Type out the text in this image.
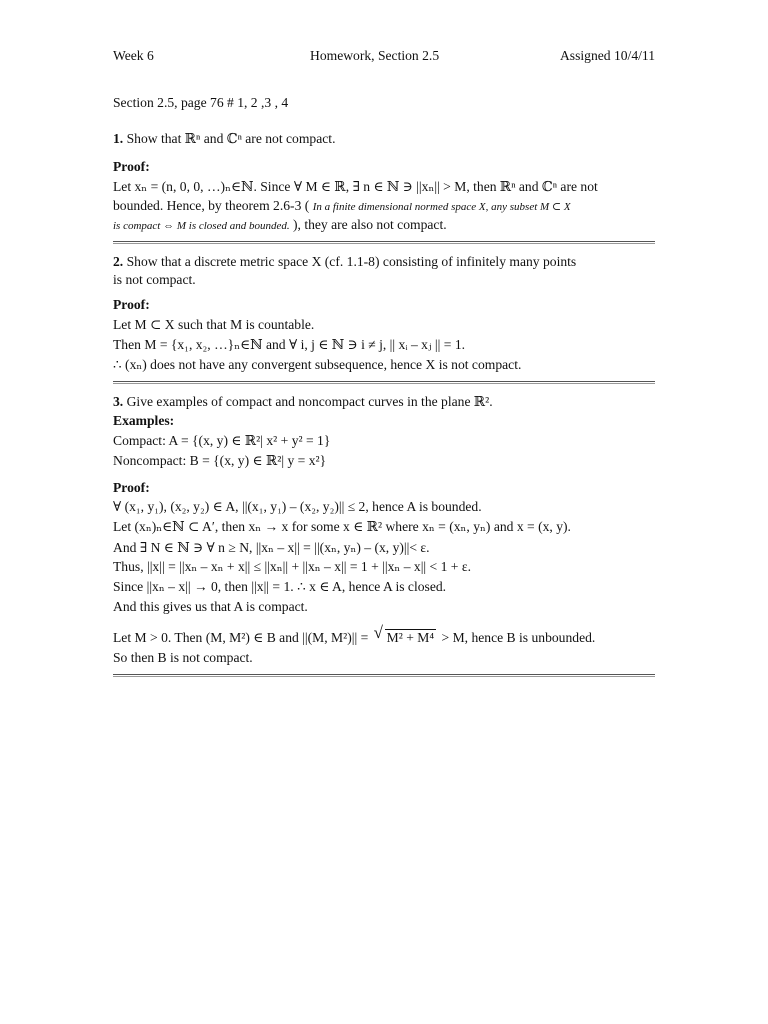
Week 6	Homework, Section 2.5	Assigned 10/4/11
Section 2.5, page 76 # 1, 2 ,3 , 4
1. Show that ℝⁿ and ℂⁿ are not compact.
Proof:
Let xₙ = (n, 0, 0, …)ₙ∈ℕ. Since ∀ M ∈ ℝ, ∃ n ∈ ℕ ∋ ||xₙ|| > M, then ℝⁿ and ℂⁿ are not
bounded. Hence, by theorem 2.6-3 ( In a finite dimensional normed space X, any subset M ⊂ X
is compact ⇔ M is closed and bounded. ), they are also not compact.
2. Show that a discrete metric space X (cf. 1.1-8) consisting of infinitely many points
is not compact.
Proof:
Let M ⊂ X such that M is countable.
Then M = {x₁, x₂, …}ₙ∈ℕ and ∀ i, j ∈ ℕ ∋ i ≠ j, || xᵢ – xⱼ || = 1.
∴ (xₙ) does not have any convergent subsequence, hence X is not compact.
3. Give examples of compact and noncompact curves in the plane ℝ².
Examples:
Compact: A = {(x, y) ∈ ℝ²| x² + y² = 1}
Noncompact: B = {(x, y) ∈ ℝ²| y = x²}
Proof:
∀ (x₁, y₁), (x₂, y₂) ∈ A, ||(x₁, y₁) – (x₂, y₂)|| ≤ 2, hence A is bounded.
Let (xₙ)ₙ∈ℕ ⊂ A′, then xₙ → x for some x ∈ ℝ² where xₙ = (xₙ, yₙ) and x = (x, y).
And ∃ N ∈ ℕ ∋ ∀ n ≥ N, ||xₙ – x|| = ||(xₙ, yₙ) – (x, y)||< ε.
Thus, ||x|| = ||xₙ – xₙ + x|| ≤ ||xₙ|| + ||xₙ – x|| = 1 + ||xₙ – x|| < 1 + ε.
Since ||xₙ – x|| → 0, then ||x|| = 1. ∴ x ∈ A, hence A is closed.
And this gives us that A is compact.
Let M > 0. Then (M, M²) ∈ B and ||(M, M²)|| = √ M² + M⁴ > M, hence B is unbounded.
So then B is not compact.
